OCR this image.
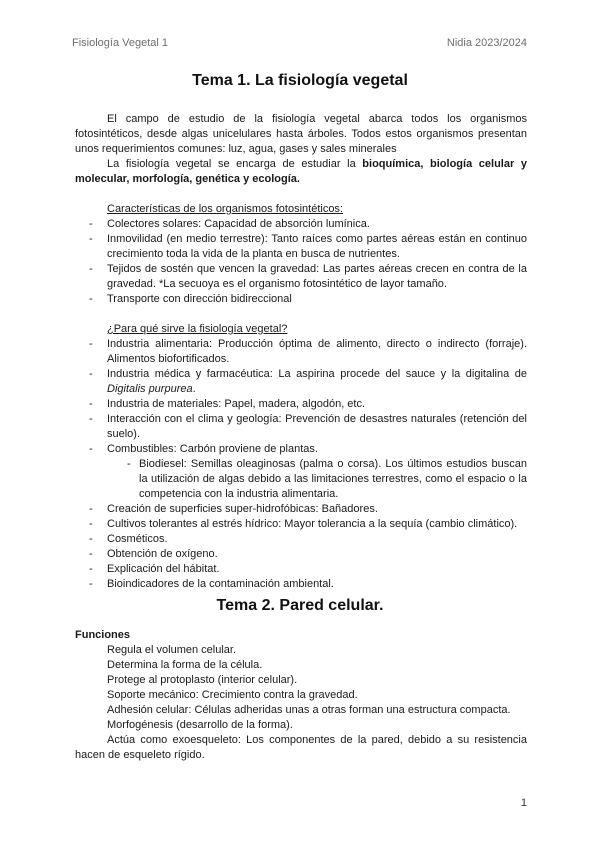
Fisiología Vegetal 1	Nidia 2023/2024
Tema 1. La fisiología vegetal

El campo de estudio de la fisiología vegetal abarca todos los organismos fotosintéticos, desde algas unicelulares hasta árboles. Todos estos organismos presentan unos requerimientos comunes: luz, agua, gases y sales minerales

La fisiología vegetal se encarga de estudiar la bioquímica, biología celular y molecular, morfología, genética y ecología.

Características de los organismos fotosintéticos:

- Colectores solares: Capacidad de absorción lumínica.
- Inmovilidad (en medio terrestre): Tanto raíces como partes aéreas están en continuo crecimiento toda la vida de la planta en busca de nutrientes.
- Tejidos de sostén que vencen la gravedad: Las partes aéreas crecen en contra de la gravedad. *La secuoya es el organismo fotosintético de layor tamaño.
- Transporte con dirección bidireccional

¿Para qué sirve la fisiología vegetal?

- Industria alimentaria: Producción óptima de alimento, directo o indirecto (forraje). Alimentos biofortificados.
- Industria médica y farmacéutica: La aspirina procede del sauce y la digitalina de Digitalis purpurea.
- Industria de materiales: Papel, madera, algodón, etc.
- Interacción con el clima y geología: Prevención de desastres naturales (retención del suelo).
- Combustibles: Carbón proviene de plantas.
- Biodiesel: Semillas oleaginosas (palma o corsa). Los últimos estudios buscan la utilización de algas debido a las limitaciones terrestres, como el espacio o la competencia con la industria alimentaria.
- Creación de superficies super-hidrofóbicas: Bañadores.
- Cultivos tolerantes al estrés hídrico: Mayor tolerancia a la sequía (cambio climático).
- Cosméticos.
- Obtención de oxígeno.
- Explicación del hábitat.
- Bioindicadores de la contaminación ambiental.
Tema 2. Pared celular.

Funciones

Regula el volumen celular.

Determina la forma de la célula.

Protege al protoplasto (interior celular).

Soporte mecánico: Crecimiento contra la gravedad.

Adhesión celular: Células adheridas unas a otras forman una estructura compacta.

Morfogénesis (desarrollo de la forma).

Actúa como exoesqueleto: Los componentes de la pared, debido a su resistencia hacen de esqueleto rígido.

1
